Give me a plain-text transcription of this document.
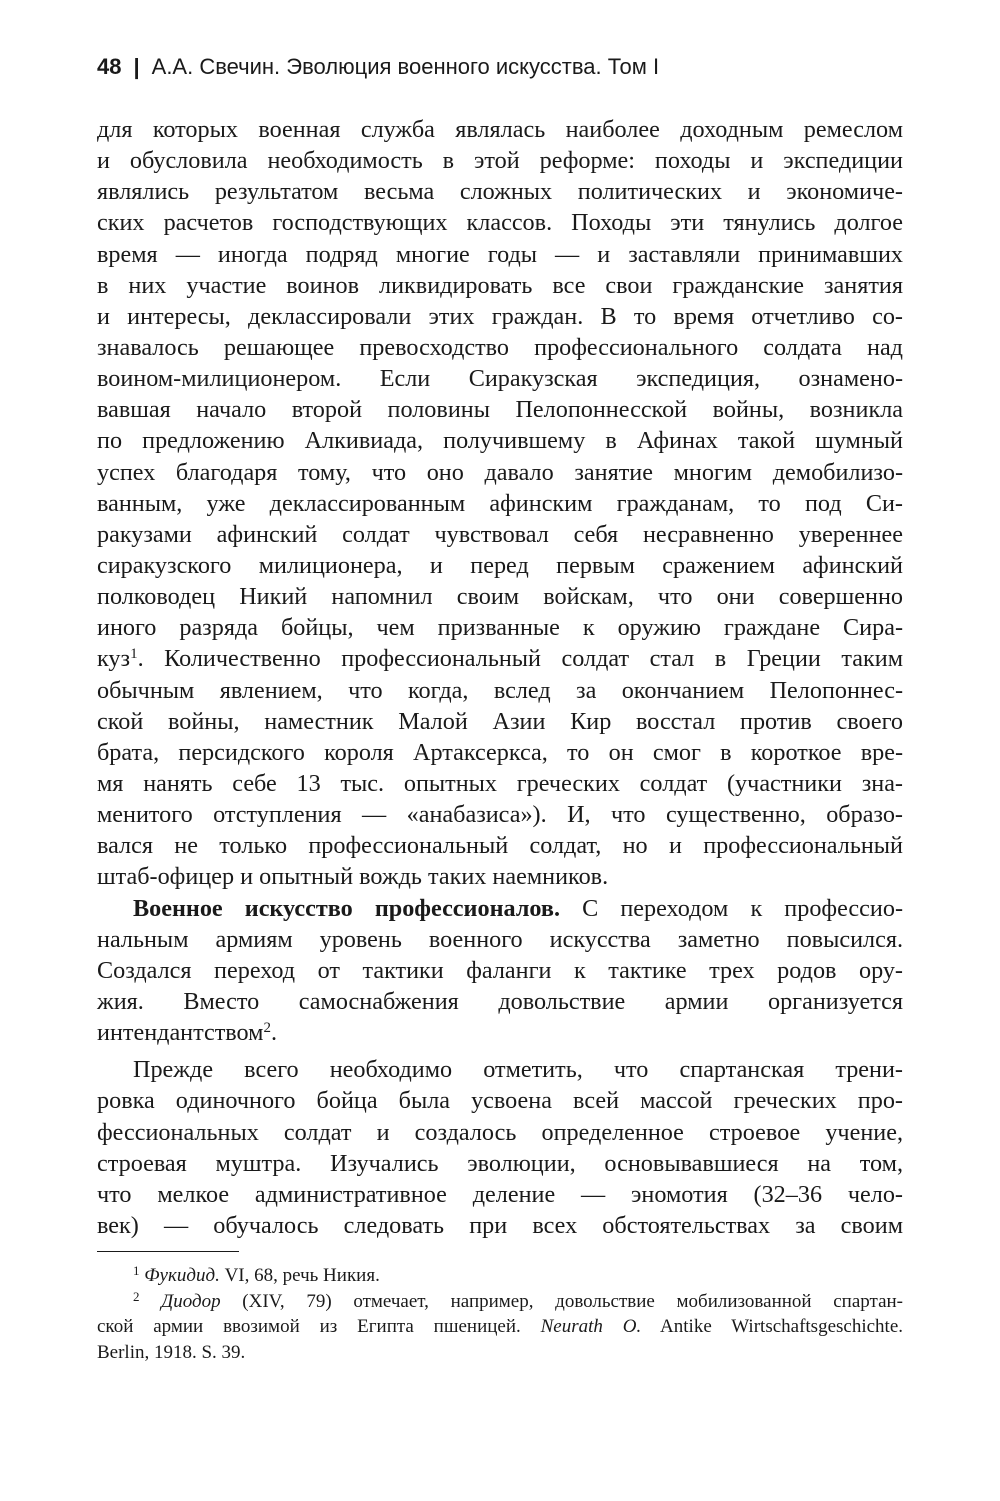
48 | А.А. Свечин. Эволюция военного искусства. Том I
для которых военная служба являлась наиболее доходным ремеслом
и обусловила необходимость в этой реформе: походы и экспедиции
являлись результатом весьма сложных политических и экономиче-
ских расчетов господствующих классов. Походы эти тянулись долгое
время — иногда подряд многие годы — и заставляли принимавших
в них участие воинов ликвидировать все свои гражданские занятия
и интересы, деклассировали этих граждан. В то время отчетливо со-
знавалось решающее превосходство профессионального солдата над
воином-милиционером. Если Сиракузская экспедиция, ознамено-
вавшая начало второй половины Пелопоннесской войны, возникла
по предложению Алкивиада, получившему в Афинах такой шумный
успех благодаря тому, что оно давало занятие многим демобилизо-
ванным, уже деклассированным афинским гражданам, то под Си-
ракузами афинский солдат чувствовал себя несравненно увереннее
сиракузского милиционера, и перед первым сражением афинский
полководец Никий напомнил своим войскам, что они совершенно
иного разряда бойцы, чем призванные к оружию граждане Сира-
куз$^1$. Количественно профессиональный солдат стал в Греции таким
обычным явлением, что когда, вслед за окончанием Пелопоннес-
ской войны, наместник Малой Азии Кир восстал против своего
брата, персидского короля Артаксеркса, то он смог в короткое вре-
мя нанять себе 13 тыс. опытных греческих солдат (участники зна-
менитого отступления — «анабазиса»). И, что существенно, образо-
вался не только профессиональный солдат, но и профессиональный
штаб-офицер и опытный вождь таких наемников.
Военное искусство профессионалов. С переходом к профессио-
нальным армиям уровень военного искусства заметно повысился.
Создался переход от тактики фаланги к тактике трех родов ору-
жия. Вместо самоснабжения довольствие армии организуется
интендантством$^2$.
Прежде всего необходимо отметить, что спартанская трени-
ровка одиночного бойца была усвоена всей массой греческих про-
фессиональных солдат и создалось определенное строевое учение,
строевая муштра. Изучались эволюции, основывавшиеся на том,
что мелкое административное деление — эномотия (32–36 чело-
век) — обучалось следовать при всех обстоятельствах за своим
$^1$ Фукидид. VI, 68, речь Никия.
$^2$ Диодор (XIV, 79) отмечает, например, довольствие мобилизованной спартан-
ской армии ввозимой из Египта пшеницей. Neurath O. Antike Wirtschaftsgeschichte.
Berlin, 1918. S. 39.
